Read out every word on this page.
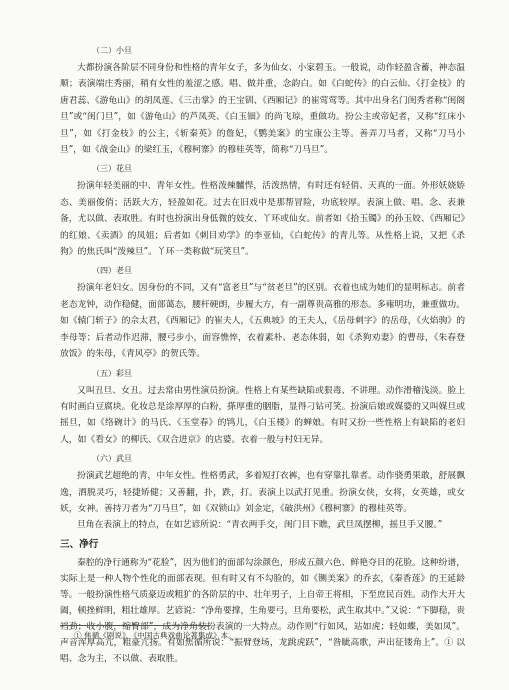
（二）小旦

大都扮演各阶层不同身份和性格的青年女子，多为仙女、小家碧玉。一般说，动作轻盈含蓄，神态温顺；表演端庄秀丽，稍有女性的羞涩之感。唱、做并重，念韵白。如《白蛇传》的白云仙、《打金枝》的唐君蕊、《游龟山》的胡凤莲、《三击掌》的王宝钏、《西厢记》的崔莺莺等。其中出身名门闺秀者称“闺阁旦”或“闺门旦”，如《游龟山》的芦凤英、《白玉钿》的尚飞琼，重做功。扮公主或帝妃者，又称“红床小旦”，如《打金枝》的公主，《斩秦英》的詹妃，《鹦美案》的宝康公主等。善弄刀马者，又称“刀马小旦”，如《战金山》的梁红玉，《穆柯寨》的穆桂英等，简称“刀马旦”。

（三）花旦

扮演年轻美丽的中、青年女性。性格泼辣髗悍，活泼热情，有时还有轻俏、天真的一面。外形妖娆娇态、美丽俊俏；活跃大方，轻盈如花。过去在旧戏中是那帮冒险，功底较厚。表演上做、唱、念、表兼备，尤以做、表取胜。有时也扮演出身低微的妓女、丫环或仙女。前者如《拾玉镯》的孙玉姣、《西厢记》的红娘、《卖酒》的凤姐；后者如《刺目劝学》的李亚仙，《白蛇传》的青儿等。从性格上说，又把《杀狗》的焦氏叫“泼辣旦”。丫环一类称做“玩笑旦”。

（四）老旦

扮演年老妇女。因身份的不同，又有“富老旦”与“贫老旦”的区别。衣着也成为她们的显明标志。前者老态龙钟，动作稳健，面部蔼态，腰杆硬朗，步履大方，有一副尊贵高雅的形态。多雍明功，兼重做功。如《辕门斩子》的佘太君，《西厢记》的崔夫人，《五典坡》的王夫人，《岳母刺字》的岳母，《火焰驹》的李母等；后者动作迟滞，腰弓步小，面容憔悴，衣着素朴、老态体弱，如《杀狗劝妻》的曹母，《朱春登放饭》的朱母，《青风亭》的贺氏等。

（五）彩旦

又叫丑旦、女丑。过去常由男性演员扮演。性格上有某些缺陷或狠毒、不讲理。动作滑稽浅淡。脸上有时画白豆腐块。化妆总是涂厚厚的白粉，搽厚重的胭脂，显得刁钻可笑。扮演后娘或媒婆的又叫媒旦或摇旦，如《络碗计》的马氏、《玉堂春》的鸨儿，《白玉楼》的蝉娘。有时又扮一些性格上有缺陷的老妇人，如《看女》的柳氏、《双合进京》的店婆。衣着一般与村妇无异。

（六）武旦

扮演武艺超绝的青，中年女性。性格勇武，多着短打衣裤，也有穿靠扎靠者。动作骁勇果敢，舒展飘逸，洒脱灵巧，轻捷矫健；又善翻，扑，跌，打。表演上以武打见重。扮演女侠，女将，女英雄，或女妖，女神。善持刀者为“刀马旦”，如《双锁山》刘金定，《破洪州》《穆柯寨》的穆桂英等。

旦角在表演上的特点，在如艺谚所说：“青衣两手交，闺门目下瞧，武旦凤摆柳，摇旦手又腰。”

三、净行

秦腔的净行通称为“花脸”，因为他们的面部勾涂颜色，形成五颜六色、鲜艳夺目的花脸。这种纷谱，实际上是一种人物个性化的面部表现。但有时又有不勾脸的，如《铡美案》的乔玄，《秦香莲》的王延龄等。一般扮演性格气质豪迈或粗犷的各阶层的中、壮年男子，上自帝王将相，下至庶民百姓。动作大开大阖，顿挫鲜明，粗壮雄厚。艺谚说：“净角要撑，生角要弓，旦角要松，武生取其中。”又说：“下脚稳，贵裆劲；收小腹，缩臀部”，成为净角装扮表演的一大特点。动作则“行如风，站如虎；轻如蝶，美如凤”。声音浑厚高亢，粗豪亢扬。有如焦循所说：“振臂登场，龙跳虎跃”，“昝眦高歌，声出征镂角上”。① 以唱、念为主，不以做、表取胜。

① 焦循《剧说》，《中国古典戏曲论著集成》本。
